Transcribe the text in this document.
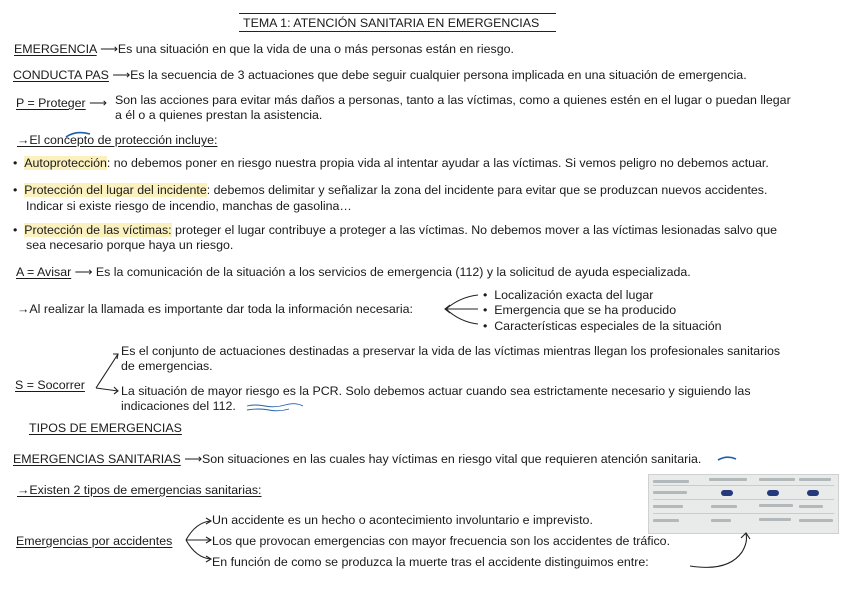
TEMA 1: ATENCIÓN SANITARIA EN EMERGENCIAS
EMERGENCIA ⟶Es una situación en que la vida de una o más personas están en riesgo.
CONDUCTA PAS ⟶Es la secuencia de 3 actuaciones que debe seguir cualquier persona implicada en una situación de emergencia.
P = Proteger ⟶ Son las acciones para evitar más daños a personas, tanto a las víctimas, como a quienes estén en el lugar o puedan llegar
a él o a quienes prestan la asistencia.
→El concepto de protección incluye:
•  Autoprotección: no debemos poner en riesgo nuestra propia vida al intentar ayudar a las víctimas. Si vemos peligro no debemos actuar.
•  Protección del lugar del incidente: debemos delimitar y señalizar la zona del incidente para evitar que se produzcan nuevos accidentes.
Indicar si existe riesgo de incendio, manchas de gasolina…
•  Protección de las víctimas: proteger el lugar contribuye a proteger a las víctimas. No debemos mover a las víctimas lesionadas salvo que
sea necesario porque haya un riesgo.
A = Avisar ⟶ Es la comunicación de la situación a los servicios de emergencia (112) y la solicitud de ayuda especializada.
→Al realizar la llamada es importante dar toda la información necesaria:
•  Localización exacta del lugar
•  Emergencia que se ha producido
•  Características especiales de la situación
S = Socorrer
Es el conjunto de actuaciones destinadas a preservar la vida de las víctimas mientras llegan los profesionales sanitarios
de emergencias.
La situación de mayor riesgo es la PCR. Solo debemos actuar cuando sea estrictamente necesario y siguiendo las
indicaciones del 112.
TIPOS DE EMERGENCIAS
EMERGENCIAS SANITARIAS ⟶Son situaciones en las cuales hay víctimas en riesgo vital que requieren atención sanitaria.
→Existen 2 tipos de emergencias sanitarias:
Emergencias por accidentes
Un accidente es un hecho o acontecimiento involuntario e imprevisto.
Los que provocan emergencias con mayor frecuencia son los accidentes de tráfico.
En función de como se produzca la muerte tras el accidente distinguimos entre:
